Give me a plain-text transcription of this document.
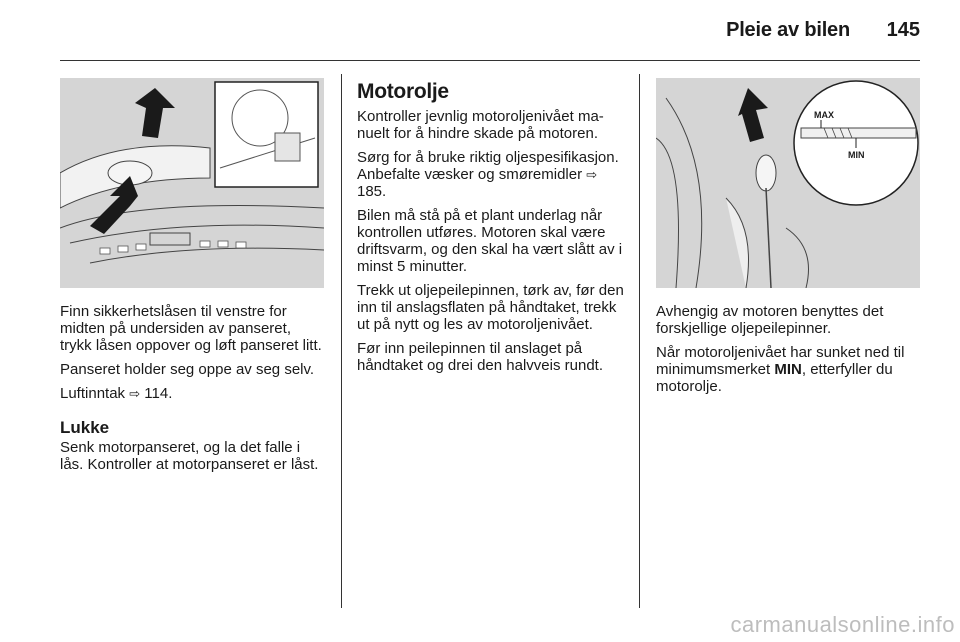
Pleie av bilen	145

Finn sikkerhetslåsen til venstre for midten på undersiden av panseret, trykk låsen oppover og løft panseret litt.

Panseret holder seg oppe av seg selv.

Luftinntak ⇨ 114.

Lukke

Senk motorpanseret, og la det falle i lås. Kontroller at motorpanseret er låst.

Motorolje

Kontroller jevnlig motoroljenivået manuelt for å hindre skade på motoren.

Sørg for å bruke riktig oljespesifikasjon. Anbefalte væsker og smøremidler ⇨ 185.

Bilen må stå på et plant underlag når kontrollen utføres. Motoren skal være driftsvarm, og den skal ha vært slått av i minst 5 minutter.

Trekk ut oljepeilepinnen, tørk av, før den inn til anslagsflaten på håndtaket, trekk ut på nytt og les av motoroljenivået.

Før inn peilepinnen til anslaget på håndtaket og drei den halvveis rundt.

MAX
MIN

Avhengig av motoren benyttes det forskjellige oljepeilepinner.

Når motoroljenivået har sunket ned til minimumsmerket MIN, etterfyller du motorolje.

carmanualsonline.info
